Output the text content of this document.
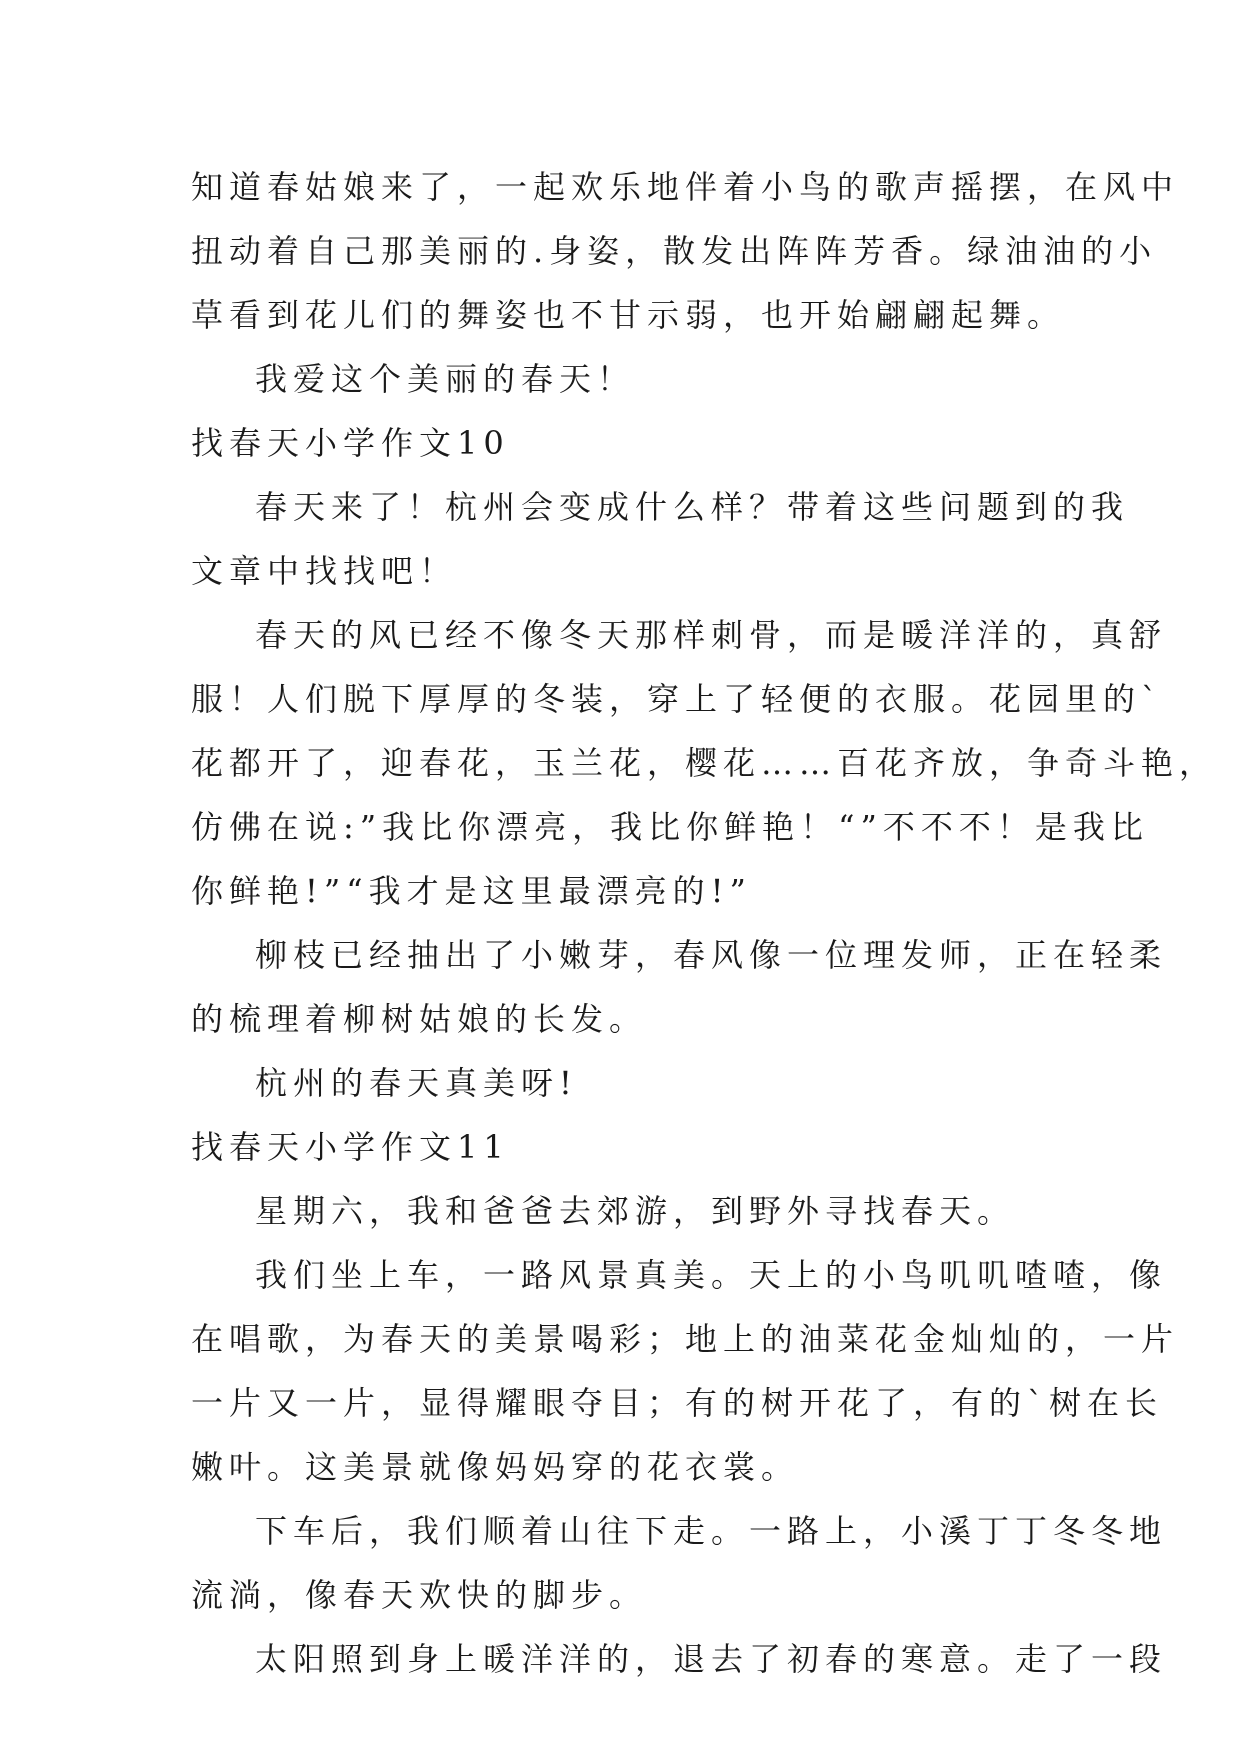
知道春姑娘来了，一起欢乐地伴着小鸟的歌声摇摆，在风中
扭动着自己那美丽的.身姿，散发出阵阵芳香。绿油油的小
草看到花儿们的舞姿也不甘示弱，也开始翩翩起舞。
我爱这个美丽的春天！
找春天小学作文10
春天来了！杭州会变成什么样？带着这些问题到的我
文章中找找吧！
春天的风已经不像冬天那样刺骨，而是暖洋洋的，真舒
服！人们脱下厚厚的冬装，穿上了轻便的衣服。花园里的`
花都开了，迎春花，玉兰花，樱花……百花齐放，争奇斗艳，
仿佛在说:”我比你漂亮，我比你鲜艳！“”不不不！是我比
你鲜艳!”“我才是这里最漂亮的!”
柳枝已经抽出了小嫩芽，春风像一位理发师，正在轻柔
的梳理着柳树姑娘的长发。
杭州的春天真美呀!
找春天小学作文11
星期六，我和爸爸去郊游，到野外寻找春天。
我们坐上车，一路风景真美。天上的小鸟叽叽喳喳，像
在唱歌，为春天的美景喝彩；地上的油菜花金灿灿的，一片
一片又一片，显得耀眼夺目；有的树开花了，有的`树在长
嫩叶。这美景就像妈妈穿的花衣裳。
下车后，我们顺着山往下走。一路上，小溪丁丁冬冬地
流淌，像春天欢快的脚步。
太阳照到身上暖洋洋的，退去了初春的寒意。走了一段
